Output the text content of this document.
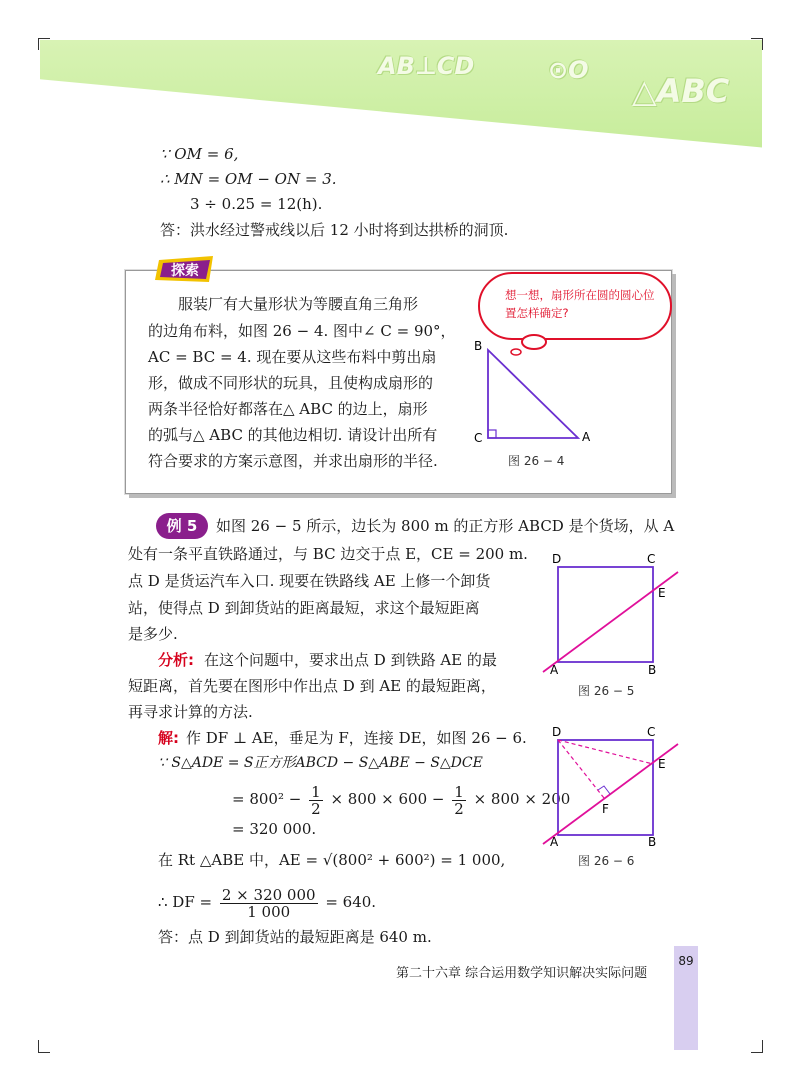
AB⊥CD	⊙O
△ABC
∵ OM = 6,
∴ MN = OM − ON = 3.
3 ÷ 0.25 = 12(h).
答：洪水经过警戒线以后 12 小时将到达拱桥的洞顶.
探索
服装厂有大量形状为等腰直角三角形
的边角布料，如图 26 − 4. 图中∠ C = 90°，
AC = BC = 4. 现在要从这些布料中剪出扇
形，做成不同形状的玩具，且使构成扇形的
两条半径恰好都落在△ ABC 的边上，扇形
的弧与△ ABC 的其他边相切. 请设计出所有
符合要求的方案示意图，并求出扇形的半径.
想一想，扇形所在圆的圆心位置怎样确定?
B
C	A
图 26 − 4
例 5	如图 26 − 5 所示，边长为 800 m 的正方形 ABCD 是个货场，从 A
处有一条平直铁路通过，与 BC 边交于点 E，CE = 200 m.
点 D 是货运汽车入口. 现要在铁路线 AE 上修一个卸货
站，使得点 D 到卸货站的距离最短，求这个最短距离
是多少.
分析: 在这个问题中，要求出点 D 到铁路 AE 的最
短距离，首先要在图形中作出点 D 到 AE 的最短距离，
再寻求计算的方法.
解: 作 DF ⊥ AE，垂足为 F，连接 DE，如图 26 − 6.
∵ S△ADE = S正方形ABCD − S△ABE − S△DCE
= $800^2 - \frac{1}{2} \times 800 \times 600 - \frac{1}{2} \times 800 \times 200$
= 320 000.
在 Rt △ABE 中，AE = √(800² + 600²) = 1 000,
∴ DF = $\frac{2 \times 320 000}{1 000} = 640$.
答：点 D 到卸货站的最短距离是 640 m.
D	C
E
A	B
图 26 − 5
D	C
E
F
A	B
图 26 − 6
第二十六章 综合运用数学知识解决实际问题
89
